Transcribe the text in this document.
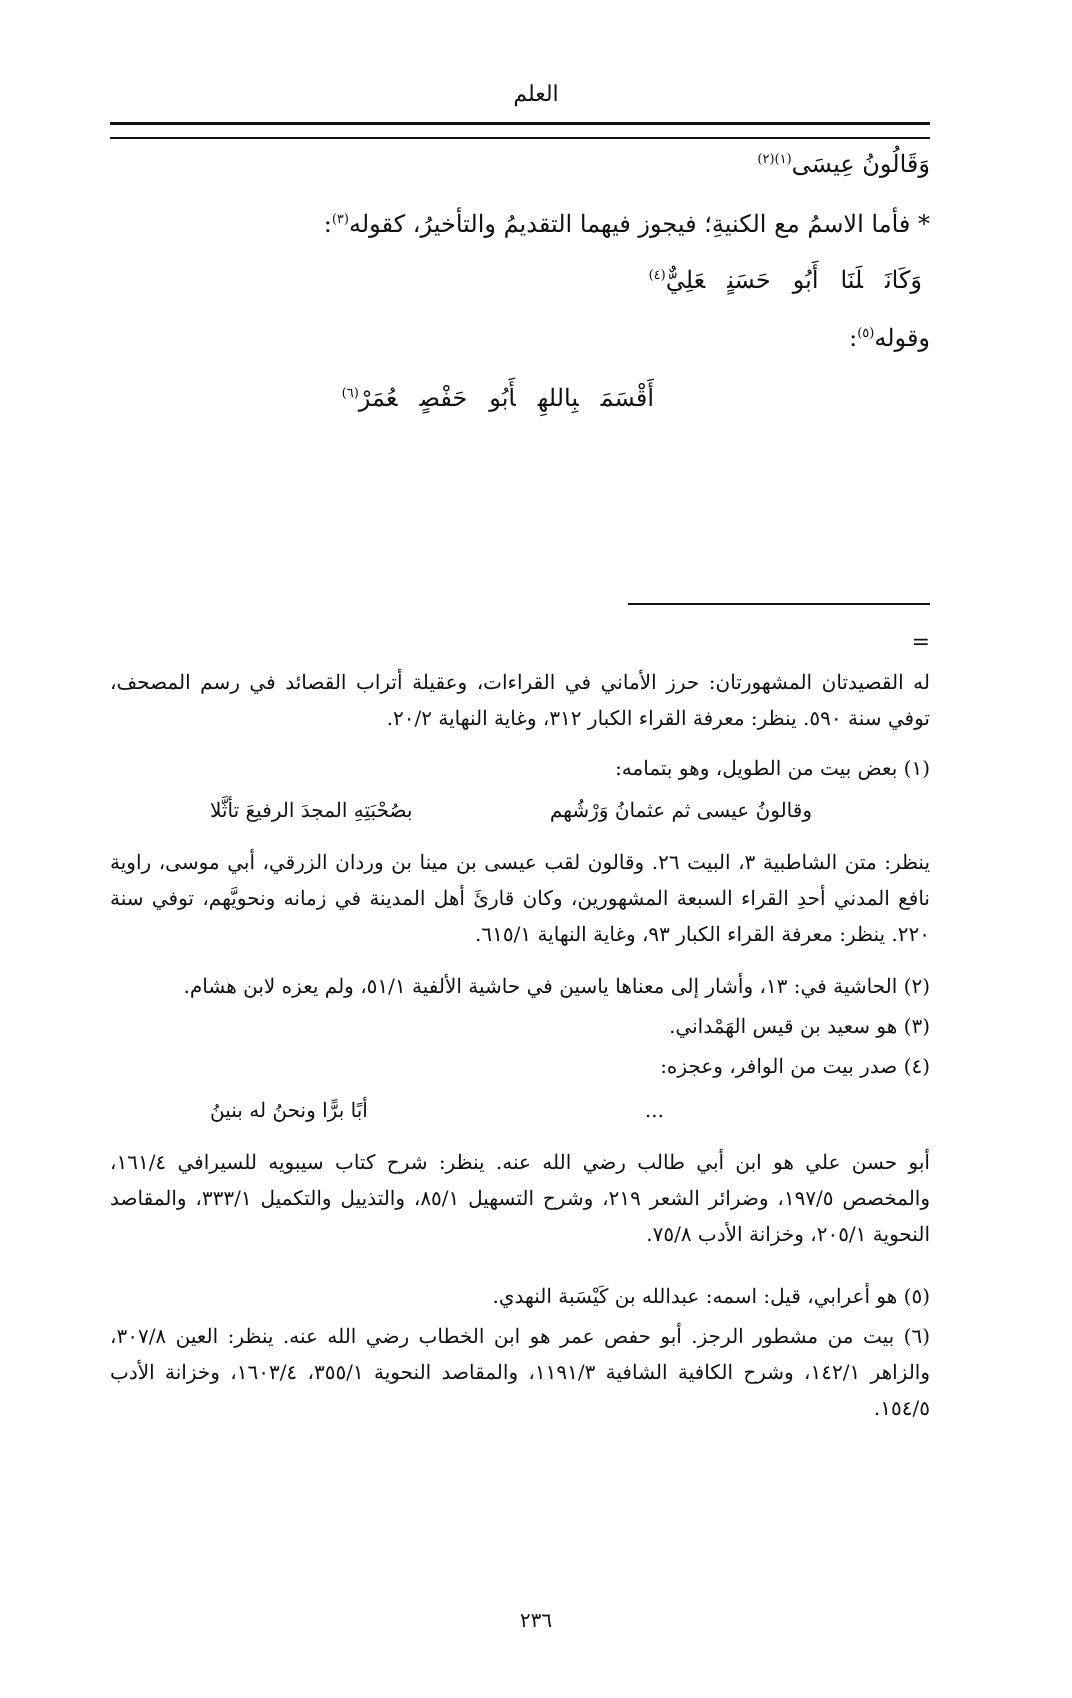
العلم
وَقَالُونُ عِيسَى$^{(١)(٢)}$
* فأما الاسمُ مع الكنيةِ؛ فيجوز فيهما التقديمُ والتأخيرُ، كقوله$^{(٣)}$:
وَكَانَلَنَاأَبُوحَسَنٍعَلِيٌّ$^{(٤)}$
وقوله$^{(٥)}$:
أَقْسَمَبِاللهِأَبُوحَفْصٍعُمَرْ$^{(٦)}$
=
له القصيدتان المشهورتان: حرز الأماني في القراءات، وعقيلة أتراب القصائد في رسم المصحف، توفي سنة ٥٩٠. ينظر: معرفة القراء الكبار ٣١٢، وغاية النهاية ٢٠/٢.
(١) بعض بيت من الطويل، وهو بتمامه:
وقالونُ عيسى ثم عثمانُ وَرْشُهم
بصُحْبَتِهِ المجدَ الرفيعَ تأثَّلا
ينظر: متن الشاطبية ٣، البيت ٢٦. وقالون لقب عيسى بن مينا بن وردان الزرقي، أبي موسى، راوية نافع المدني أحدِ القراء السبعة المشهورين، وكان قارئَ أهل المدينة في زمانه ونحويَّهم، توفي سنة ٢٢٠. ينظر: معرفة القراء الكبار ٩٣، وغاية النهاية ٦١٥/١.
(٢) الحاشية في: ١٣، وأشار إلى معناها ياسين في حاشية الألفية ٥١/١، ولم يعزه لابن هشام.
(٣) هو سعيد بن قيس الهَمْداني.
(٤) صدر بيت من الوافر، وعجزه:
...
أبًا برًّا ونحنُ له بنينُ
أبو حسن علي هو ابن أبي طالب رضي الله عنه. ينظر: شرح كتاب سيبويه للسيرافي ١٦١/٤، والمخصص ١٩٧/٥، وضرائر الشعر ٢١٩، وشرح التسهيل ٨٥/١، والتذييل والتكميل ٣٣٣/١، والمقاصد النحوية ٢٠٥/١، وخزانة الأدب ٧٥/٨.
(٥) هو أعرابي، قيل: اسمه: عبدالله بن كَيْسَبة النهدي.
(٦) بيت من مشطور الرجز. أبو حفص عمر هو ابن الخطاب رضي الله عنه. ينظر: العين ٣٠٧/٨، والزاهر ١٤٢/١، وشرح الكافية الشافية ١١٩١/٣، والمقاصد النحوية ٣٥٥/١، ١٦٠٣/٤، وخزانة الأدب ١٥٤/٥.
٢٣٦
